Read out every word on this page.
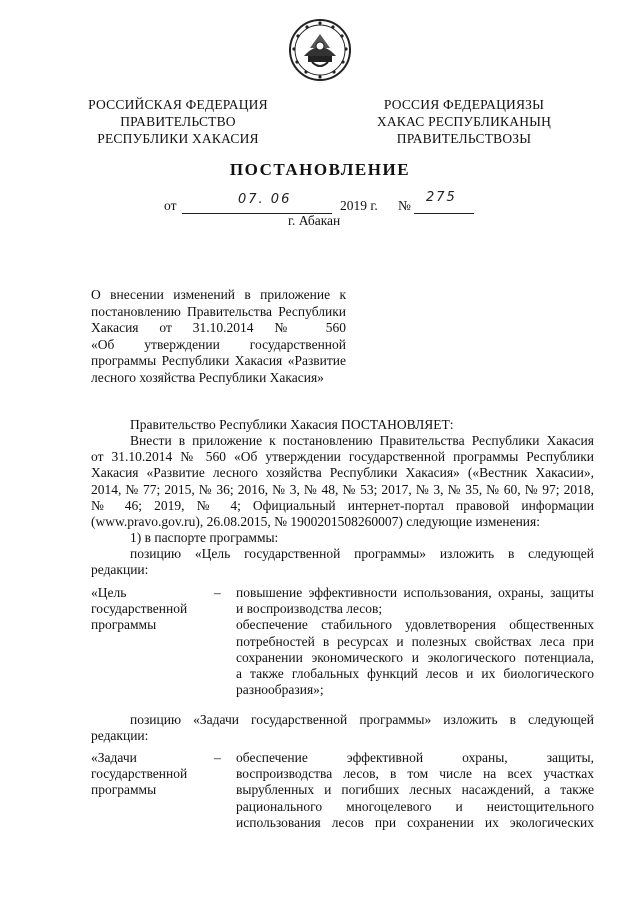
РОССИЙСКАЯ ФЕДЕРАЦИЯ
ПРАВИТЕЛЬСТВО
РЕСПУБЛИКИ ХАКАСИЯ
РОССИЯ ФЕДЕРАЦИЯЗЫ
ХАКАС РЕСПУБЛИКАНЫҢ
ПРАВИТЕЛЬСТВОЗЫ
ПОСТАНОВЛЕНИЕ
от	07. 06	2019 г. №
275
г. Абакан
О внесении изменений в приложение к
постановлению Правительства Республики
Хакасия от 31.10.2014 № 560
«Об утверждении государственной
программы Республики Хакасия «Развитие
лесного хозяйства Республики Хакасия»
Правительство Республики Хакасия ПОСТАНОВЛЯЕТ:
Внести в приложение к постановлению Правительства Республики Хакасия
от 31.10.2014 № 560 «Об утверждении государственной программы Республики
Хакасия «Развитие лесного хозяйства Республики Хакасия» («Вестник Хакасии»,
2014, № 77; 2015, № 36; 2016, № 3, № 48, № 53; 2017, № 3, № 35, № 60, № 97; 2018,
№ 46; 2019, № 4; Официальный интернет-портал правовой информации
(www.pravo.gov.ru), 26.08.2015, № 1900201508260007) следующие изменения:
1) в паспорте программы:
позицию «Цель государственной программы» изложить в следующей
редакции:
«Цель
государственной
программы
– повышение эффективности использования, охраны, защиты
и воспроизводства лесов;
обеспечение стабильного удовлетворения общественных
потребностей в ресурсах и полезных свойствах леса при
сохранении экономического и экологического потенциала,
а также глобальных функций лесов и их биологического
разнообразия»;
позицию «Задачи государственной программы» изложить в следующей
редакции:
«Задачи
государственной
программы
– обеспечение эффективной охраны, защиты,
воспроизводства лесов, в том числе на всех участках
вырубленных и погибших лесных насаждений, а также
рационального многоцелевого и неистощительного
использования лесов при сохранении их экологических
